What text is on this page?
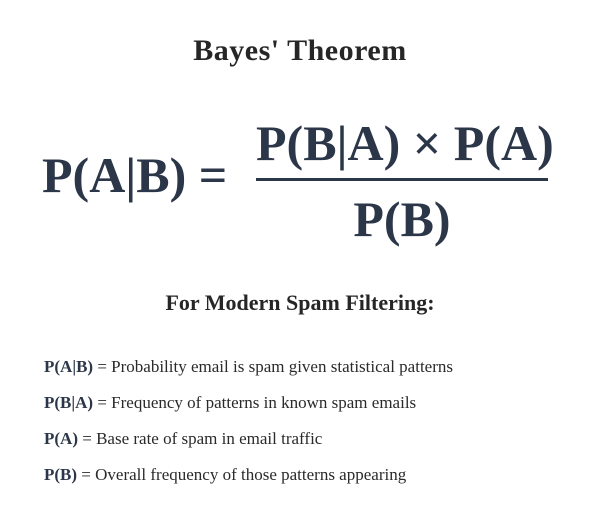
Bayes' Theorem
P(A|B) =
P(B|A) × P(A)
P(B)
For Modern Spam Filtering:
P(A|B) = Probability email is spam given statistical patterns
P(B|A) = Frequency of patterns in known spam emails
P(A) = Base rate of spam in email traffic
P(B) = Overall frequency of those patterns appearing
